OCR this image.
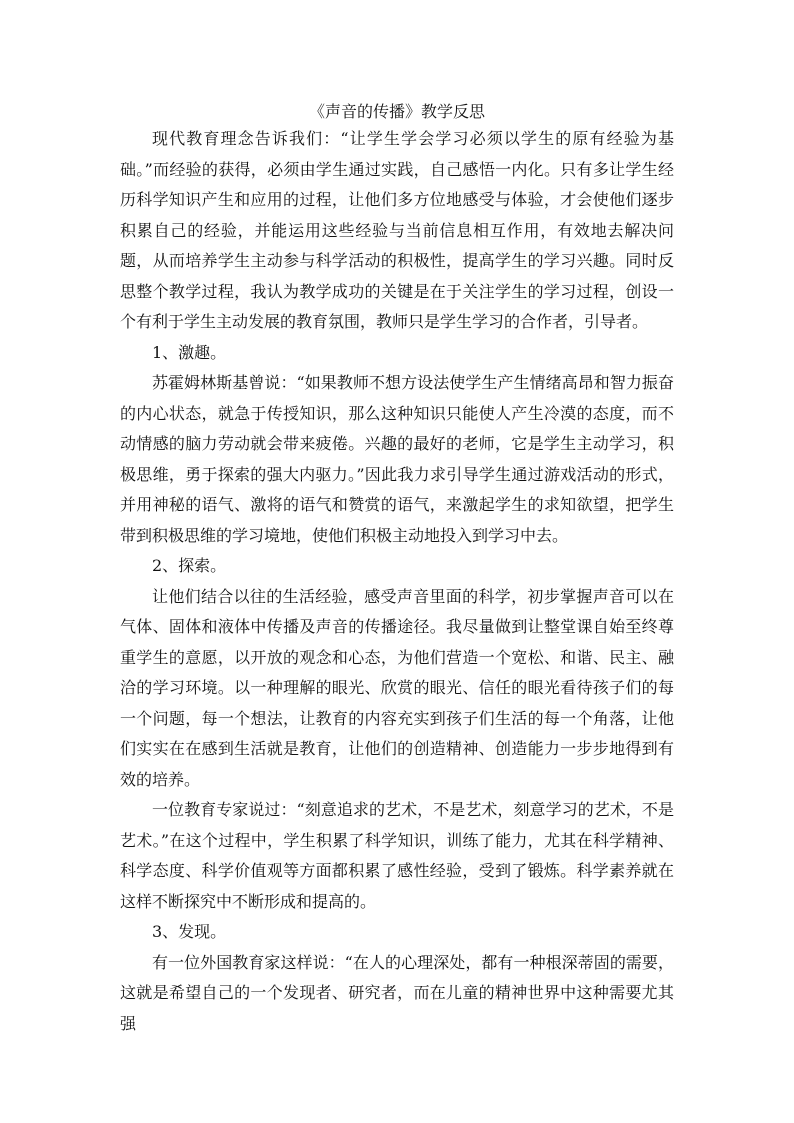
《声音的传播》教学反思

现代教育理念告诉我们：“让学生学会学习必须以学生的原有经验为基础。”而经验的获得，必须由学生通过实践，自己感悟一内化。只有多让学生经历科学知识产生和应用的过程，让他们多方位地感受与体验，才会使他们逐步积累自己的经验，并能运用这些经验与当前信息相互作用，有效地去解决问题，从而培养学生主动参与科学活动的积极性，提高学生的学习兴趣。同时反思整个教学过程，我认为教学成功的关键是在于关注学生的学习过程，创设一个有利于学生主动发展的教育氛围，教师只是学生学习的合作者，引导者。

1、激趣。

苏霍姆林斯基曾说：“如果教师不想方设法使学生产生情绪高昂和智力振奋的内心状态，就急于传授知识，那么这种知识只能使人产生冷漠的态度，而不动情感的脑力劳动就会带来疲倦。兴趣的最好的老师，它是学生主动学习，积极思维，勇于探索的强大内驱力。”因此我力求引导学生通过游戏活动的形式，并用神秘的语气、激将的语气和赞赏的语气，来激起学生的求知欲望，把学生带到积极思维的学习境地，使他们积极主动地投入到学习中去。

2、探索。

让他们结合以往的生活经验，感受声音里面的科学，初步掌握声音可以在气体、固体和液体中传播及声音的传播途径。我尽量做到让整堂课自始至终尊重学生的意愿，以开放的观念和心态，为他们营造一个宽松、和谐、民主、融洽的学习环境。以一种理解的眼光、欣赏的眼光、信任的眼光看待孩子们的每一个问题，每一个想法，让教育的内容充实到孩子们生活的每一个角落，让他们实实在在感到生活就是教育，让他们的创造精神、创造能力一步步地得到有效的培养。

一位教育专家说过：“刻意追求的艺术，不是艺术，刻意学习的艺术，不是艺术。”在这个过程中，学生积累了科学知识，训练了能力，尤其在科学精神、科学态度、科学价值观等方面都积累了感性经验，受到了锻炼。科学素养就在这样不断探究中不断形成和提高的。

3、发现。

有一位外国教育家这样说：“在人的心理深处，都有一种根深蒂固的需要，这就是希望自己的一个发现者、研究者，而在儿童的精神世界中这种需要尤其强
